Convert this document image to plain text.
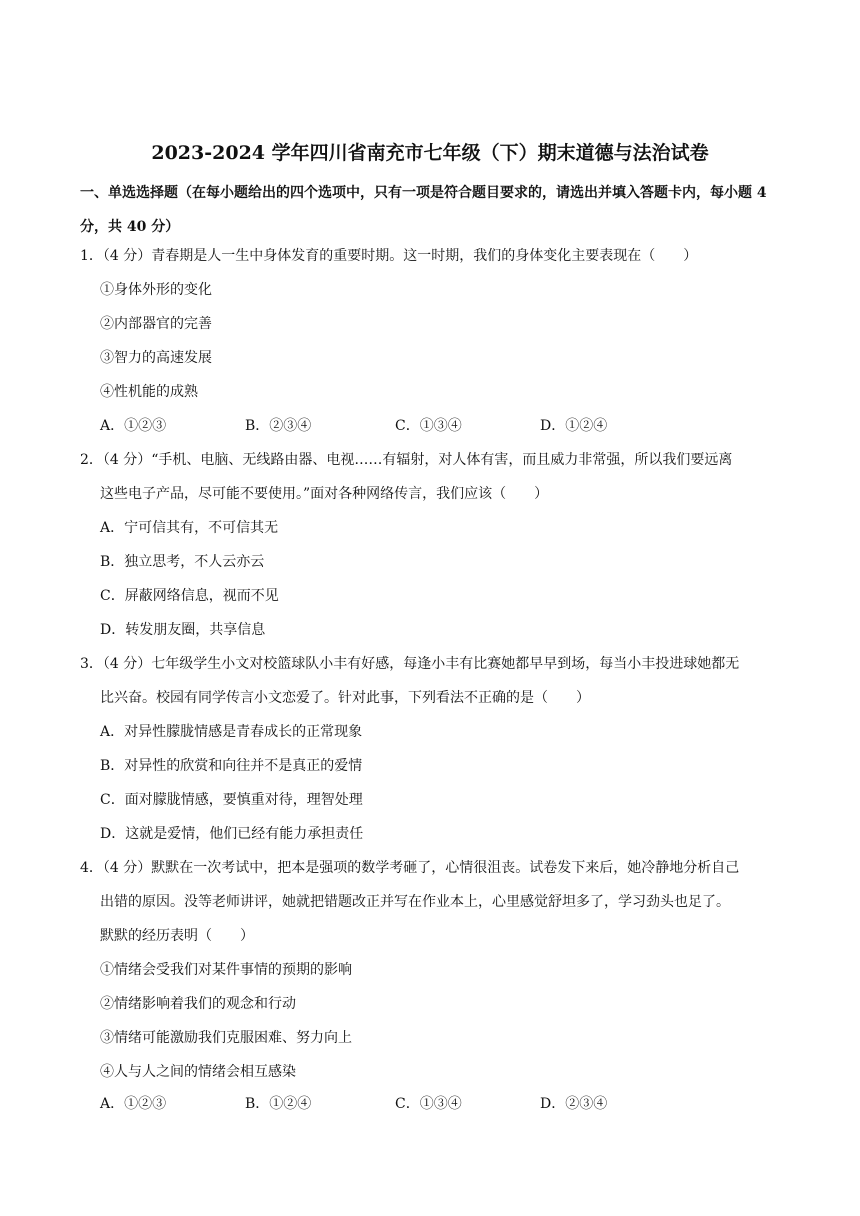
2023-2024 学年四川省南充市七年级（下）期末道德与法治试卷
一、单选选择题（在每小题给出的四个选项中，只有一项是符合题目要求的，请选出并填入答题卡内，每小题 4 分，共 40 分）
1．（4 分）青春期是人一生中身体发育的重要时期。这一时期，我们的身体变化主要表现在（　　）
①身体外形的变化
②内部器官的完善
③智力的高速发展
④性机能的成熟
A．①②③	B．②③④	C．①③④	D．①②④
2．（4 分）“手机、电脑、无线路由器、电视……有辐射，对人体有害，而且威力非常强，所以我们要远离
这些电子产品，尽可能不要使用。”面对各种网络传言，我们应该（　　）
A．宁可信其有，不可信其无
B．独立思考，不人云亦云
C．屏蔽网络信息，视而不见
D．转发朋友圈，共享信息
3．（4 分）七年级学生小文对校篮球队小丰有好感，每逢小丰有比赛她都早早到场，每当小丰投进球她都无
比兴奋。校园有同学传言小文恋爱了。针对此事，下列看法不正确的是（　　）
A．对异性朦胧情感是青春成长的正常现象
B．对异性的欣赏和向往并不是真正的爱情
C．面对朦胧情感，要慎重对待，理智处理
D．这就是爱情，他们已经有能力承担责任
4．（4 分）默默在一次考试中，把本是强项的数学考砸了，心情很沮丧。试卷发下来后，她冷静地分析自己
出错的原因。没等老师讲评，她就把错题改正并写在作业本上，心里感觉舒坦多了，学习劲头也足了。
默默的经历表明（　　）
①情绪会受我们对某件事情的预期的影响
②情绪影响着我们的观念和行动
③情绪可能激励我们克服困难、努力向上
④人与人之间的情绪会相互感染
A．①②③	B．①②④	C．①③④	D．②③④
